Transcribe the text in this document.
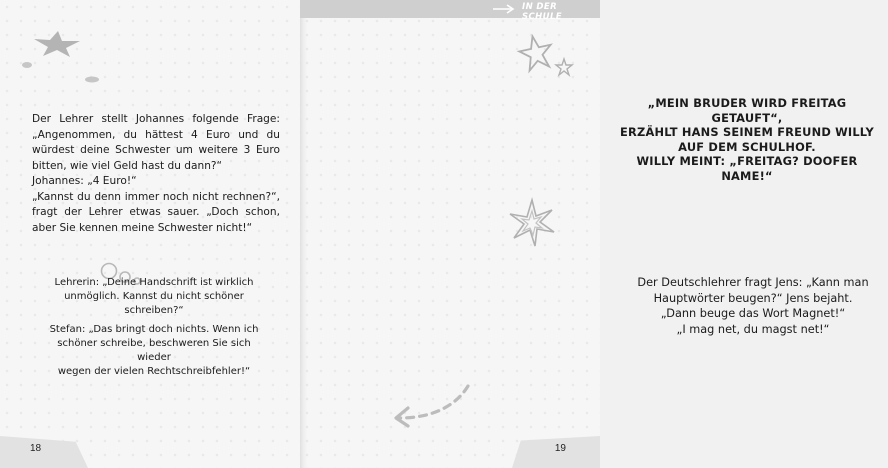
Der Lehrer stellt Johannes folgende Frage: „Angenommen, du hättest 4 Euro und du würdest deine Schwester um weitere 3 Euro bitten, wie viel Geld hast du dann?“

Johannes: „4 Euro!“

„Kannst du denn immer noch nicht rechnen?“, fragt der Lehrer etwas sauer. „Doch schon, aber Sie kennen meine Schwester nicht!“

Lehrerin: „Deine Handschrift ist wirklich
unmöglich. Kannst du nicht schöner schreiben?“
Stefan: „Das bringt doch nichts. Wenn ich
schöner schreibe, beschweren Sie sich wieder
wegen der vielen Rechtschreibfehler!“
18
IN DER SCHULE
„MEIN BRUDER WIRD FREITAG GETAUFT“,
ERZÄHLT HANS SEINEM FREUND WILLY
AUF DEM SCHULHOF.
WILLY MEINT: „FREITAG? DOOFER
NAME!“
Der Deutschlehrer fragt Jens: „Kann man
Hauptwörter beugen?“ Jens bejaht.
„Dann beuge das Wort Magnet!“
„I mag net, du magst net!“
19
